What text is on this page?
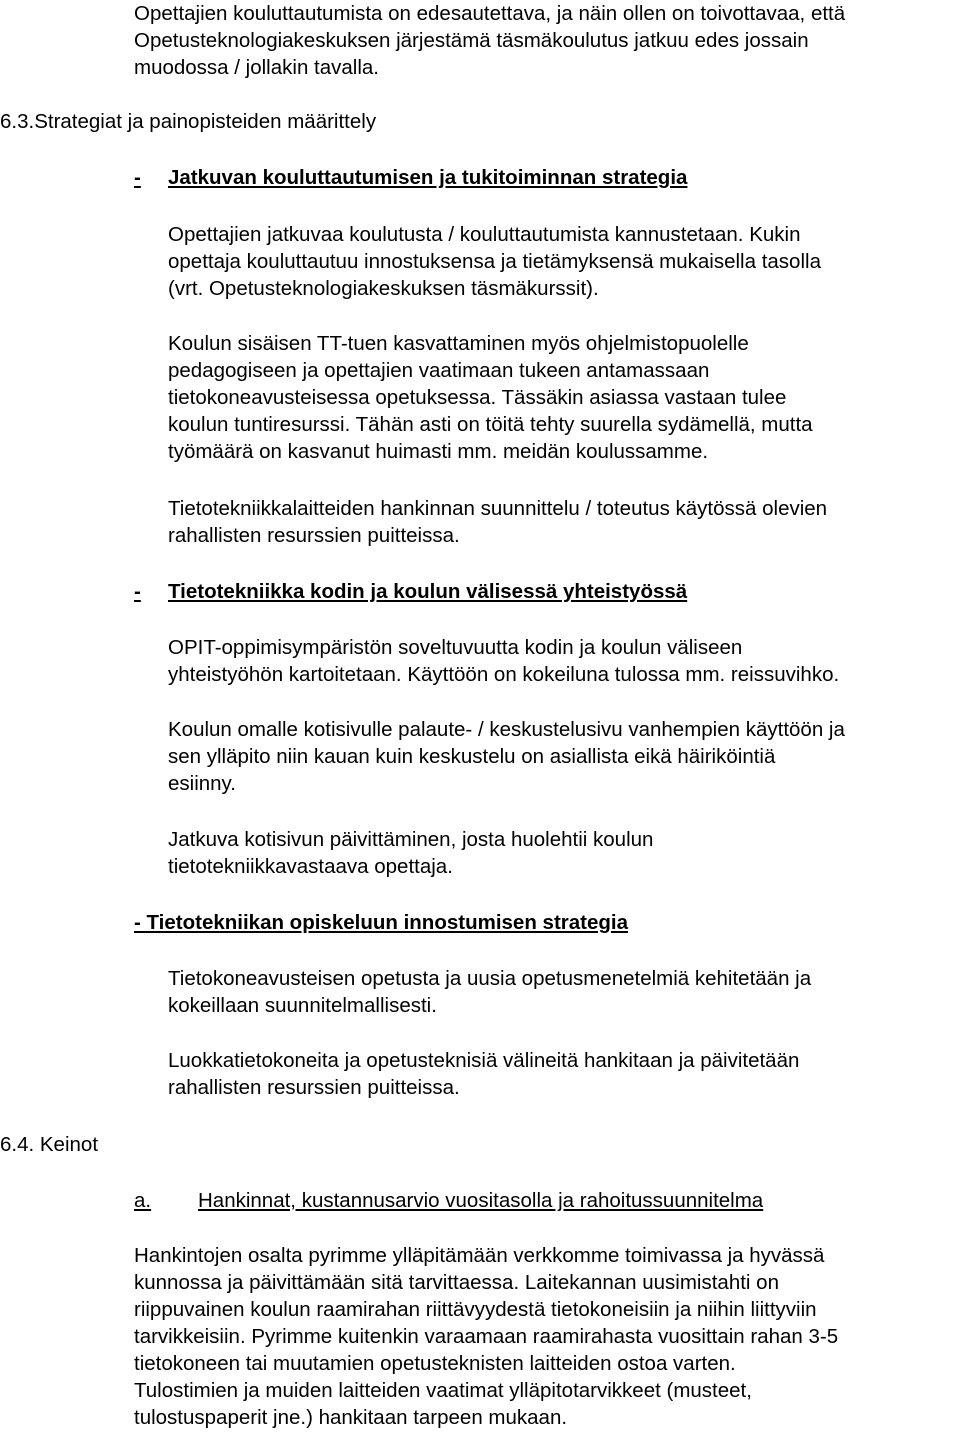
Opettajien kouluttautumista on edesautettava, ja näin ollen on toivottavaa, että
Opetusteknologiakeskuksen järjestämä täsmäkoulutus jatkuu edes jossain
muodossa / jollakin tavalla.
6.3.Strategiat ja painopisteiden määrittely
- Jatkuvan kouluttautumisen ja tukitoiminnan strategia
Opettajien jatkuvaa koulutusta / kouluttautumista kannustetaan. Kukin
opettaja kouluttautuu innostuksensa ja tietämyksensä mukaisella tasolla
(vrt. Opetusteknologiakeskuksen täsmäkurssit).
Koulun sisäisen TT-tuen kasvattaminen myös ohjelmistopuolelle
pedagogiseen ja opettajien vaatimaan tukeen antamassaan
tietokoneavusteisessa opetuksessa. Tässäkin asiassa vastaan tulee
koulun tuntiresurssi. Tähän asti on töitä tehty suurella sydämellä, mutta
työmäärä on kasvanut huimasti mm. meidän koulussamme.
Tietotekniikkalaitteiden hankinnan suunnittelu / toteutus käytössä olevien
rahallisten resurssien puitteissa.
- Tietotekniikka kodin ja koulun välisessä yhteistyössä
OPIT-oppimisympäristön soveltuvuutta kodin ja koulun väliseen
yhteistyöhön kartoitetaan. Käyttöön on kokeiluna tulossa mm. reissuvihko.
Koulun omalle kotisivulle palaute- / keskustelusivu vanhempien käyttöön ja
sen ylläpito niin kauan kuin keskustelu on asiallista eikä häiriköintiä
esiinny.
Jatkuva kotisivun päivittäminen, josta huolehtii koulun
tietotekniikkavastaava opettaja.
- Tietotekniikan opiskeluun innostumisen strategia
Tietokoneavusteisen opetusta ja uusia opetusmenetelmiä kehitetään ja
kokeillaan suunnitelmallisesti.
Luokkatietokoneita ja opetusteknisiä välineitä hankitaan ja päivitetään
rahallisten resurssien puitteissa.
6.4. Keinot
a. Hankinnat, kustannusarvio vuositasolla ja rahoitussuunnitelma
Hankintojen osalta pyrimme ylläpitämään verkkomme toimivassa ja hyvässä
kunnossa ja päivittämään sitä tarvittaessa. Laitekannan uusimistahti on
riippuvainen koulun raamirahan riittävyydestä tietokoneisiin ja niihin liittyviin
tarvikkeisiin. Pyrimme kuitenkin varaamaan raamirahasta vuosittain rahan 3-5
tietokoneen tai muutamien opetusteknisten laitteiden ostoa varten.
Tulostimien ja muiden laitteiden vaatimat ylläpitotarvikkeet (musteet,
tulostuspaperit jne.) hankitaan tarpeen mukaan.
